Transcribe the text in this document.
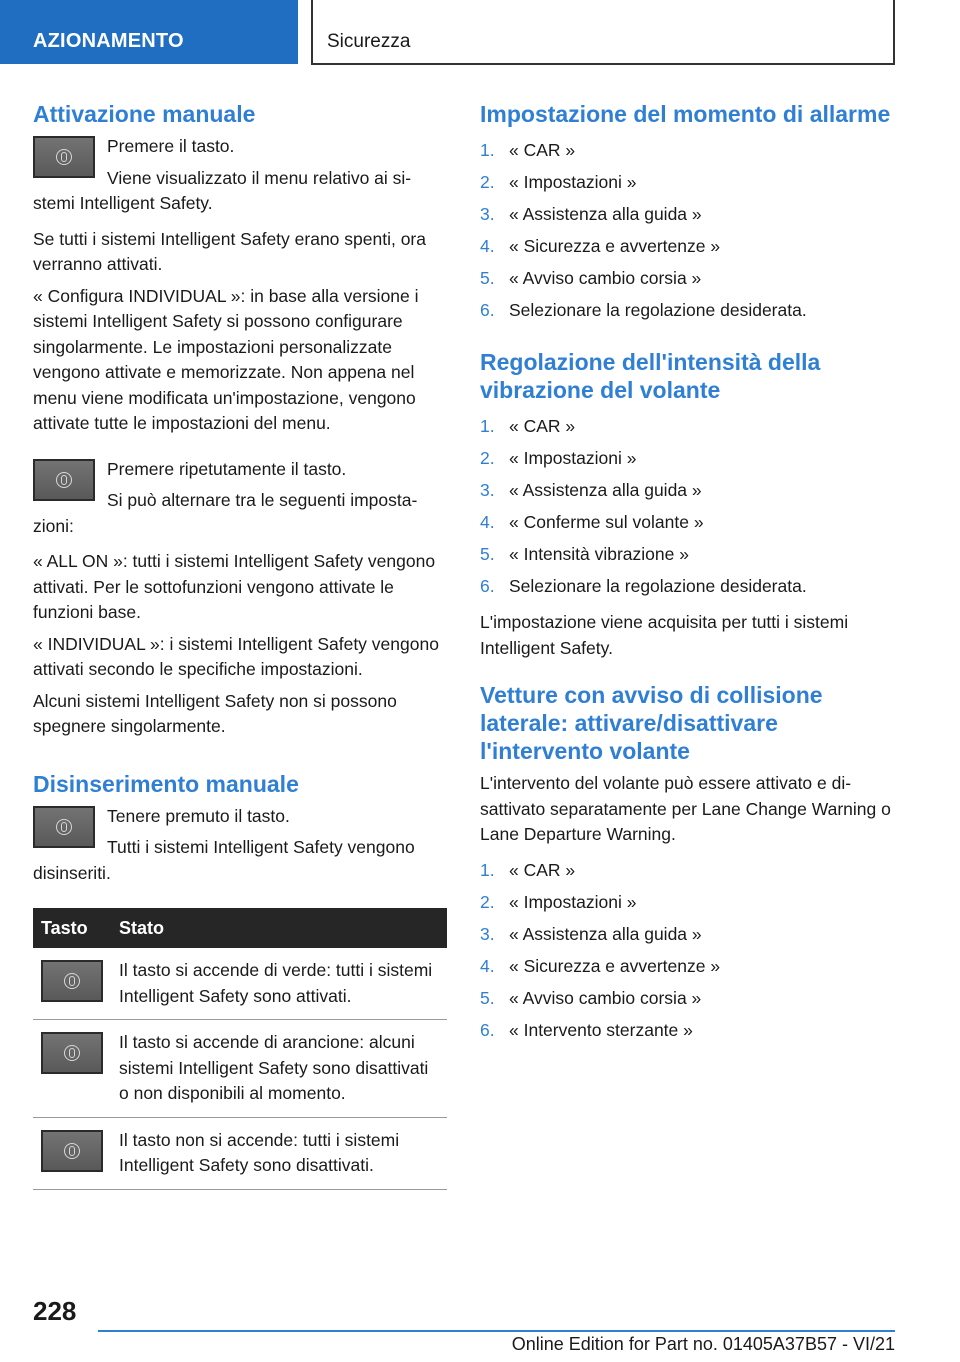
AZIONAMENTO	Sicurezza
Attivazione manuale

Premere il tasto.

Viene visualizzato il menu relativo ai sistemi Intelligent Safety.

Se tutti i sistemi Intelligent Safety erano spenti, ora verranno attivati.

« Configura INDIVIDUAL »: in base alla versione i sistemi Intelligent Safety si possono configurare singolarmente. Le impostazioni personalizzate vengono attivate e memorizzate. Non appena nel menu viene modificata un'impostazione, vengono attivate tutte le impostazioni del menu.

Premere ripetutamente il tasto.

Si può alternare tra le seguenti impostazioni:

« ALL ON »: tutti i sistemi Intelligent Safety vengono attivati. Per le sottofunzioni vengono attivate le funzioni base.

« INDIVIDUAL »: i sistemi Intelligent Safety vengono attivati secondo le specifiche impostazioni.

Alcuni sistemi Intelligent Safety non si possono spegnere singolarmente.

Disinserimento manuale

Tenere premuto il tasto.

Tutti i sistemi Intelligent Safety vengono disinseriti.

Tasto	Stato

	Il tasto si accende di verde: tutti i sistemi Intelligent Safety sono attivati.

	Il tasto si accende di arancione: alcuni sistemi Intelligent Safety sono disattivati o non disponibili al momento.

	Il tasto non si accende: tutti i sistemi Intelligent Safety sono disattivati.
Impostazione del momento di allarme
1. « CAR »
2. « Impostazioni »
3. « Assistenza alla guida »
4. « Sicurezza e avvertenze »
5. « Avviso cambio corsia »
6. Selezionare la regolazione desiderata.
Regolazione dell'intensità della vibrazione del volante
1. « CAR »
2. « Impostazioni »
3. « Assistenza alla guida »
4. « Conferme sul volante »
5. « Intensità vibrazione »
6. Selezionare la regolazione desiderata.

L'impostazione viene acquisita per tutti i sistemi Intelligent Safety.

Vetture con avviso di collisione laterale: attivare/disattivare l'intervento volante

L'intervento del volante può essere attivato e disattivato separatamente per Lane Change Warning o Lane Departure Warning.

1. « CAR »
2. « Impostazioni »
3. « Assistenza alla guida »
4. « Sicurezza e avvertenze »
5. « Avviso cambio corsia »
6. « Intervento sterzante »
228
Online Edition for Part no. 01405A37B57 - VI/21
